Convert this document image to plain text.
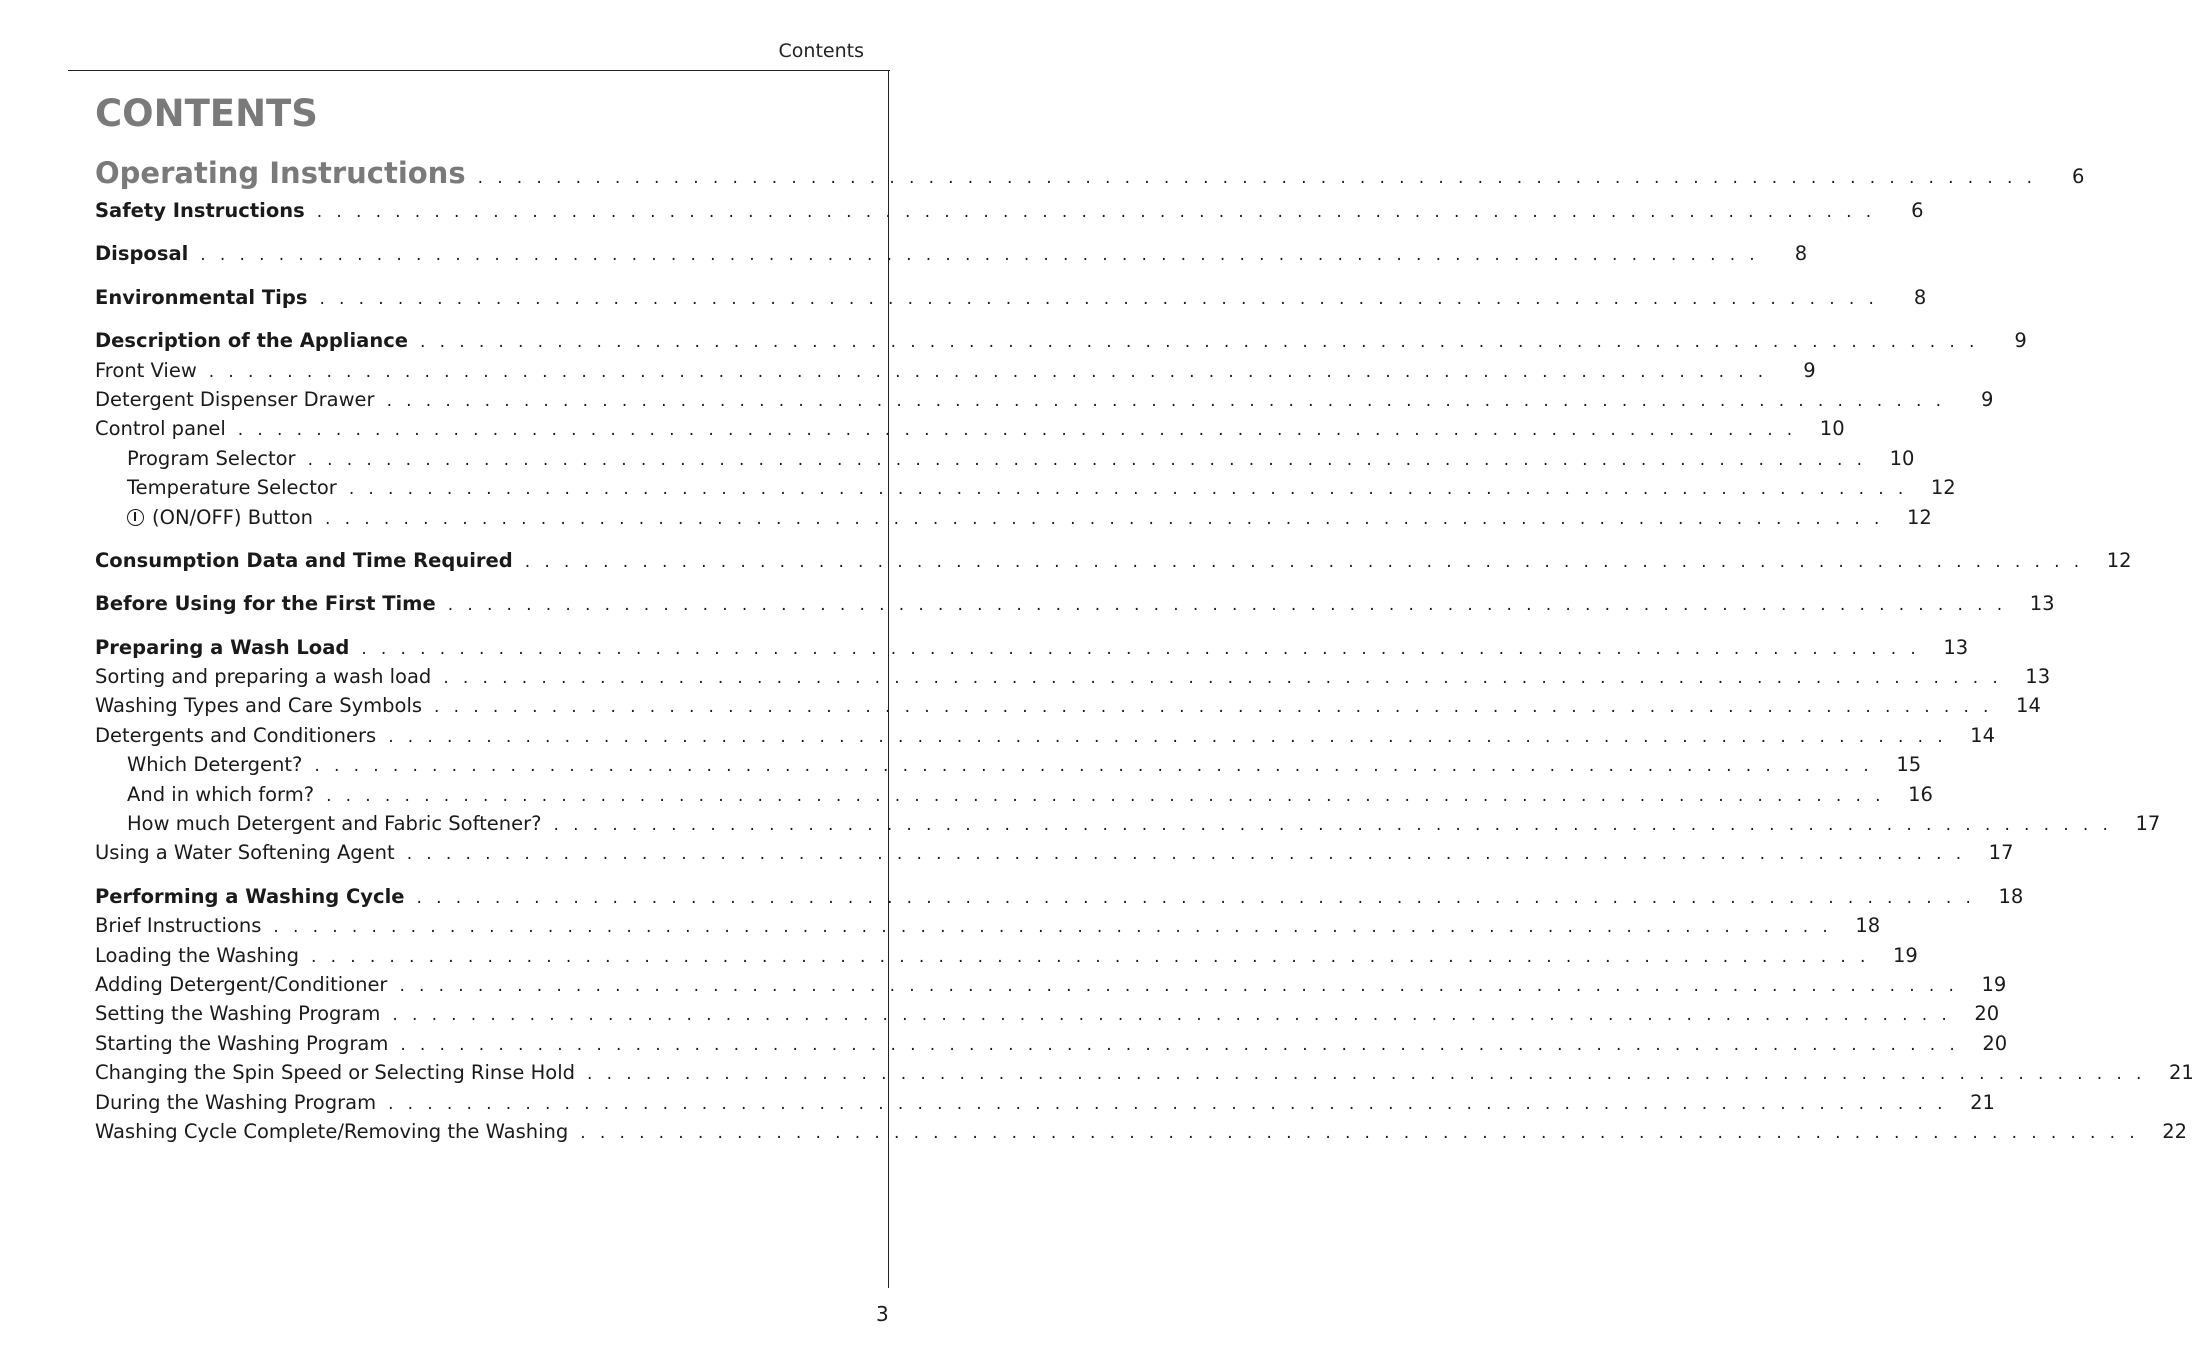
Contents
CONTENTS
Operating Instructions . . . . . . . . . . . . . . . . . . . . . . . . . . . . . . . . . . . . . . . . . . . . . . . . . . . . . . . . . . . . . . . . . . . . . . . . . . . . . . . .	6
Safety Instructions . . . . . . . . . . . . . . . . . . . . . . . . . . . . . . . . . . . . . . . . . . . . . . . . . . . . . . . . . . . . . . . . . . . . . . . . . . . . . . . .	6
Disposal . . . . . . . . . . . . . . . . . . . . . . . . . . . . . . . . . . . . . . . . . . . . . . . . . . . . . . . . . . . . . . . . . . . . . . . . . . . . . . . .	8
Environmental Tips . . . . . . . . . . . . . . . . . . . . . . . . . . . . . . . . . . . . . . . . . . . . . . . . . . . . . . . . . . . . . . . . . . . . . . . . . . . . . . . .	8
Description of the Appliance . . . . . . . . . . . . . . . . . . . . . . . . . . . . . . . . . . . . . . . . . . . . . . . . . . . . . . . . . . . . . . . . . . . . . . . . . . . . . . . .	9
Front View . . . . . . . . . . . . . . . . . . . . . . . . . . . . . . . . . . . . . . . . . . . . . . . . . . . . . . . . . . . . . . . . . . . . . . . . . . . . . . . .	9
Detergent Dispenser Drawer . . . . . . . . . . . . . . . . . . . . . . . . . . . . . . . . . . . . . . . . . . . . . . . . . . . . . . . . . . . . . . . . . . . . . . . . . . . . . . . .	9
Control panel . . . . . . . . . . . . . . . . . . . . . . . . . . . . . . . . . . . . . . . . . . . . . . . . . . . . . . . . . . . . . . . . . . . . . . . . . . . . . . . .	10
Program Selector . . . . . . . . . . . . . . . . . . . . . . . . . . . . . . . . . . . . . . . . . . . . . . . . . . . . . . . . . . . . . . . . . . . . . . . . . . . . . . . .	10
Temperature Selector . . . . . . . . . . . . . . . . . . . . . . . . . . . . . . . . . . . . . . . . . . . . . . . . . . . . . . . . . . . . . . . . . . . . . . . . . . . . . . . .	12
(ON/OFF) Button . . . . . . . . . . . . . . . . . . . . . . . . . . . . . . . . . . . . . . . . . . . . . . . . . . . . . . . . . . . . . . . . . . . . . . . . . . . . . . . .	12
Consumption Data and Time Required . . . . . . . . . . . . . . . . . . . . . . . . . . . . . . . . . . . . . . . . . . . . . . . . . . . . . . . . . . . . . . . . . . . . . . . . . . . . . . . .	12
Before Using for the First Time . . . . . . . . . . . . . . . . . . . . . . . . . . . . . . . . . . . . . . . . . . . . . . . . . . . . . . . . . . . . . . . . . . . . . . . . . . . . . . . .	13
Preparing a Wash Load . . . . . . . . . . . . . . . . . . . . . . . . . . . . . . . . . . . . . . . . . . . . . . . . . . . . . . . . . . . . . . . . . . . . . . . . . . . . . . . .	13
Sorting and preparing a wash load . . . . . . . . . . . . . . . . . . . . . . . . . . . . . . . . . . . . . . . . . . . . . . . . . . . . . . . . . . . . . . . . . . . . . . . . . . . . . . . .	13
Washing Types and Care Symbols . . . . . . . . . . . . . . . . . . . . . . . . . . . . . . . . . . . . . . . . . . . . . . . . . . . . . . . . . . . . . . . . . . . . . . . . . . . . . . . .	14
Detergents and Conditioners . . . . . . . . . . . . . . . . . . . . . . . . . . . . . . . . . . . . . . . . . . . . . . . . . . . . . . . . . . . . . . . . . . . . . . . . . . . . . . . .	14
Which Detergent? . . . . . . . . . . . . . . . . . . . . . . . . . . . . . . . . . . . . . . . . . . . . . . . . . . . . . . . . . . . . . . . . . . . . . . . . . . . . . . . .	15
And in which form? . . . . . . . . . . . . . . . . . . . . . . . . . . . . . . . . . . . . . . . . . . . . . . . . . . . . . . . . . . . . . . . . . . . . . . . . . . . . . . . .	16
How much Detergent and Fabric Softener? . . . . . . . . . . . . . . . . . . . . . . . . . . . . . . . . . . . . . . . . . . . . . . . . . . . . . . . . . . . . . . . . . . . . . . . . . . . . . . . .	17
Using a Water Softening Agent . . . . . . . . . . . . . . . . . . . . . . . . . . . . . . . . . . . . . . . . . . . . . . . . . . . . . . . . . . . . . . . . . . . . . . . . . . . . . . . .	17
Performing a Washing Cycle . . . . . . . . . . . . . . . . . . . . . . . . . . . . . . . . . . . . . . . . . . . . . . . . . . . . . . . . . . . . . . . . . . . . . . . . . . . . . . . .	18
Brief Instructions . . . . . . . . . . . . . . . . . . . . . . . . . . . . . . . . . . . . . . . . . . . . . . . . . . . . . . . . . . . . . . . . . . . . . . . . . . . . . . . .	18
Loading the Washing . . . . . . . . . . . . . . . . . . . . . . . . . . . . . . . . . . . . . . . . . . . . . . . . . . . . . . . . . . . . . . . . . . . . . . . . . . . . . . . .	19
Adding Detergent/Conditioner . . . . . . . . . . . . . . . . . . . . . . . . . . . . . . . . . . . . . . . . . . . . . . . . . . . . . . . . . . . . . . . . . . . . . . . . . . . . . . . .	19
Setting the Washing Program . . . . . . . . . . . . . . . . . . . . . . . . . . . . . . . . . . . . . . . . . . . . . . . . . . . . . . . . . . . . . . . . . . . . . . . . . . . . . . . .	20
Starting the Washing Program . . . . . . . . . . . . . . . . . . . . . . . . . . . . . . . . . . . . . . . . . . . . . . . . . . . . . . . . . . . . . . . . . . . . . . . . . . . . . . . .	20
Changing the Spin Speed or Selecting Rinse Hold . . . . . . . . . . . . . . . . . . . . . . . . . . . . . . . . . . . . . . . . . . . . . . . . . . . . . . . . . . . . . . . . . . . . . . . . . . . . . . . .	21
During the Washing Program . . . . . . . . . . . . . . . . . . . . . . . . . . . . . . . . . . . . . . . . . . . . . . . . . . . . . . . . . . . . . . . . . . . . . . . . . . . . . . . .	21
Washing Cycle Complete/Removing the Washing . . . . . . . . . . . . . . . . . . . . . . . . . . . . . . . . . . . . . . . . . . . . . . . . . . . . . . . . . . . . . . . . . . . . . . . . . . . . . . . .	22
3
